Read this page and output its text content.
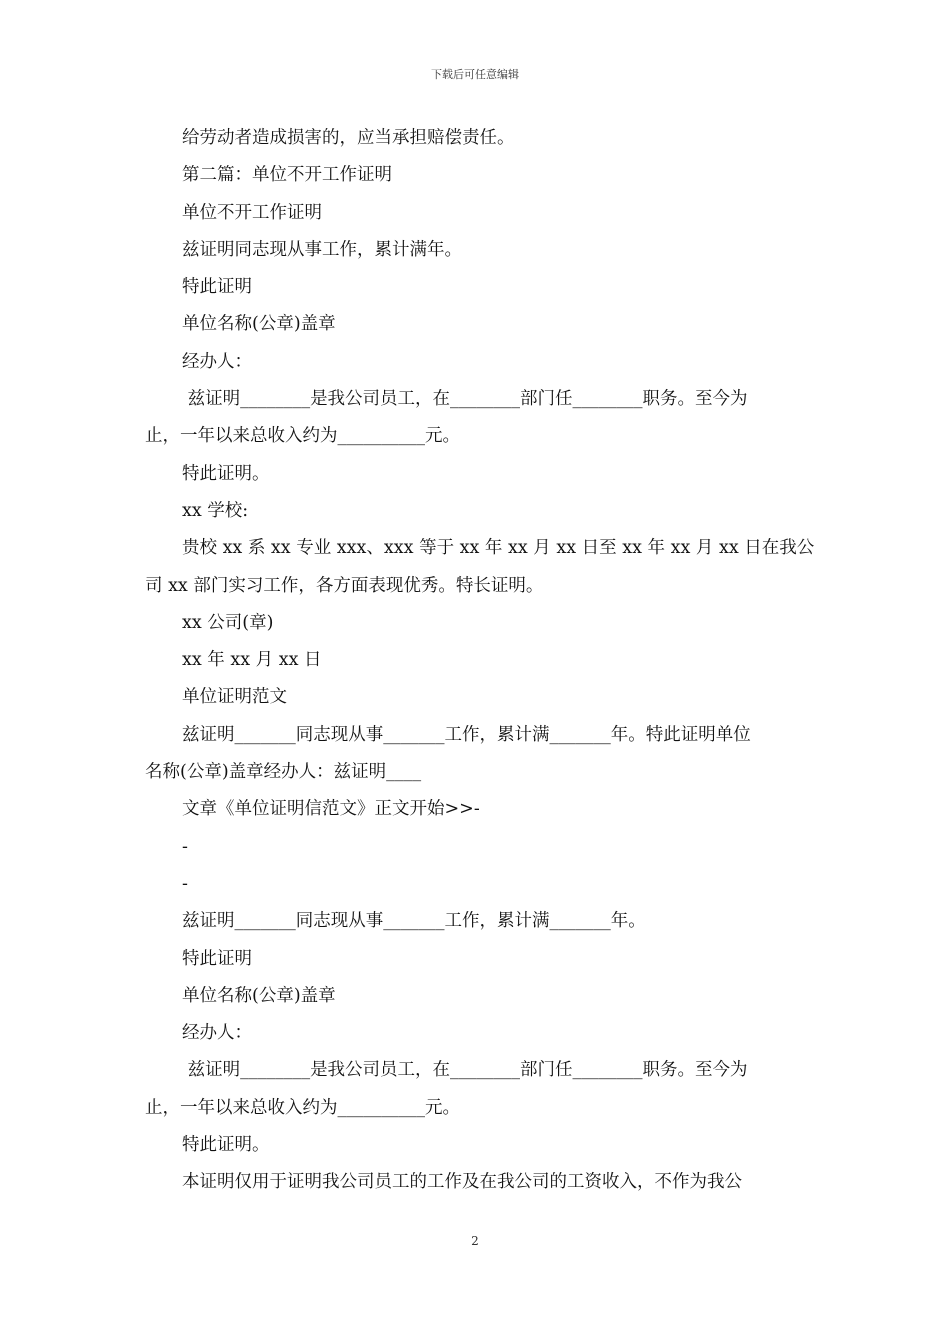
下载后可任意编辑

给劳动者造成损害的，应当承担赔偿责任。

第二篇：单位不开工作证明

单位不开工作证明

兹证明同志现从事工作，累计满年。

特此证明

单位名称(公章)盖章

经办人：

兹证明________是我公司员工，在________部门任________职务。至今为

止，一年以来总收入约为__________元。

特此证明。

xx 学校:

贵校 xx 系 xx 专业 xxx、xxx 等于 xx 年 xx 月 xx 日至 xx 年 xx 月 xx 日在我公

司 xx 部门实习工作，各方面表现优秀。特长证明。

xx 公司(章)

xx 年 xx 月 xx 日

单位证明范文

兹证明_______同志现从事_______工作，累计满_______年。特此证明单位

名称(公章)盖章经办人：兹证明____

文章《单位证明信范文》正文开始>>-

-

-

兹证明_______同志现从事_______工作，累计满_______年。

特此证明

单位名称(公章)盖章

经办人：

兹证明________是我公司员工，在________部门任________职务。至今为

止，一年以来总收入约为__________元。

特此证明。

本证明仅用于证明我公司员工的工作及在我公司的工资收入，不作为我公

2
